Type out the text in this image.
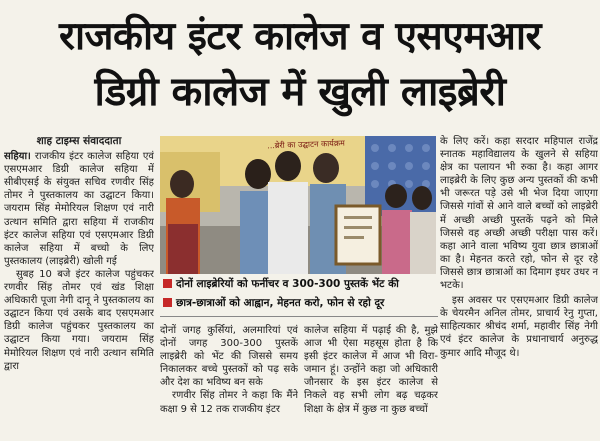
राजकीय इंटर कालेज व एसएमआर
डिग्री कालेज में खुली लाइब्रेरी
शाह टाइम्स संवाददाता

सहिया। राजकीय इंटर कालेज सहिया एवं एसएमआर डिग्री कालेज सहिया में सीबीएसई के संयुक्त सचिव रणवीर सिंह तोमर ने पुस्तकालय का उद्घाटन किया। जयराम सिंह मेमोरियल शिक्षण एवं नारी उत्थान समिति द्वारा सहिया में राजकीय इंटर कालेज सहिया एवं एसएमआर डिग्री कालेज सहिया में बच्चो के लिए पुस्तकालय (लाइब्रेरी) खोली गई

सुबह 10 बजे इंटर कालेज पहुंचकर रणवीर सिंह तोमर एवं खंड शिक्षा अधिकारी पूजा नेगी दानू ने पुस्तकालय का उद्घाटन किया एवं उसके बाद एसएमआर डिग्री कालेज पहुंचकर पुस्तकालय का उद्घाटन किया गया। जयराम सिंह मेमोरियल शिक्षण एवं नारी उत्थान समिति द्वारा

...ब्रेरी का उद्घाटन कार्यक्रम
दोनों लाइब्रेरियों को फर्नीचर व 300-300 पुस्तकें भेंट की
छात्र-छात्राओं को आह्वान, मेहनत करो, फोन से रहो दूर

दोनों जगह कुर्सियां, अलमारियां एवं दोनों जगह 300-300 पुस्तकें लाइब्रेरी को भेंट की जिससे समय निकालकर बच्चे पुस्तकों को पढ़ सके और देश का भविष्य बन सके

रणवीर सिंह तोमर ने कहा कि मैंने कक्षा 9 से 12 तक राजकीय इंटर

कालेज सहिया में पढ़ाई की है, मुझे आज भी ऐसा महसूस होता है कि इसी इंटर कालेज में आज भी विरा- जमान हूं। उन्होंने कहा जो अधिकारी जौनसार के इस इंटर कालेज से निकले वह सभी लोग बढ़ चढ़कर शिक्षा के क्षेत्र में कुछ ना कुछ बच्चों

के लिए करें। कहा सरदार महिपाल राजेंद्र स्नातक महाविद्यालय के खुलने से सहिया क्षेत्र का पलायन भी रुका है। कहा आगर लाइब्रेरी के लिए कुछ अन्य पुस्तकों की कभी भी जरूरत पड़े उसे भी भेज दिया जाएगा जिससे गांवों से आने वाले बच्चों को लाइब्रेरी में अच्छी अच्छी पुस्तकें पढ़ने को मिले जिससे वह अच्छी अच्छी परीक्षा पास करें। कहा आने वाला भविष्य युवा छात्र छात्राओं का है। मेहनत करते रहो, फोन से दूर रहे जिससे छात्र छात्राओं का दिमाग इधर उधर न भटके।

इस अवसर पर एसएमआर डिग्री कालेज के चेयरमैन अनिल तोमर, प्राचार्य रेनु गुप्ता, साहित्यकार श्रीचंद शर्मा, महावीर सिंह नेगी एवं इंटर कालेज के प्रधानाचार्य अनुरुद्ध कुमार आदि मौजूद थे।
